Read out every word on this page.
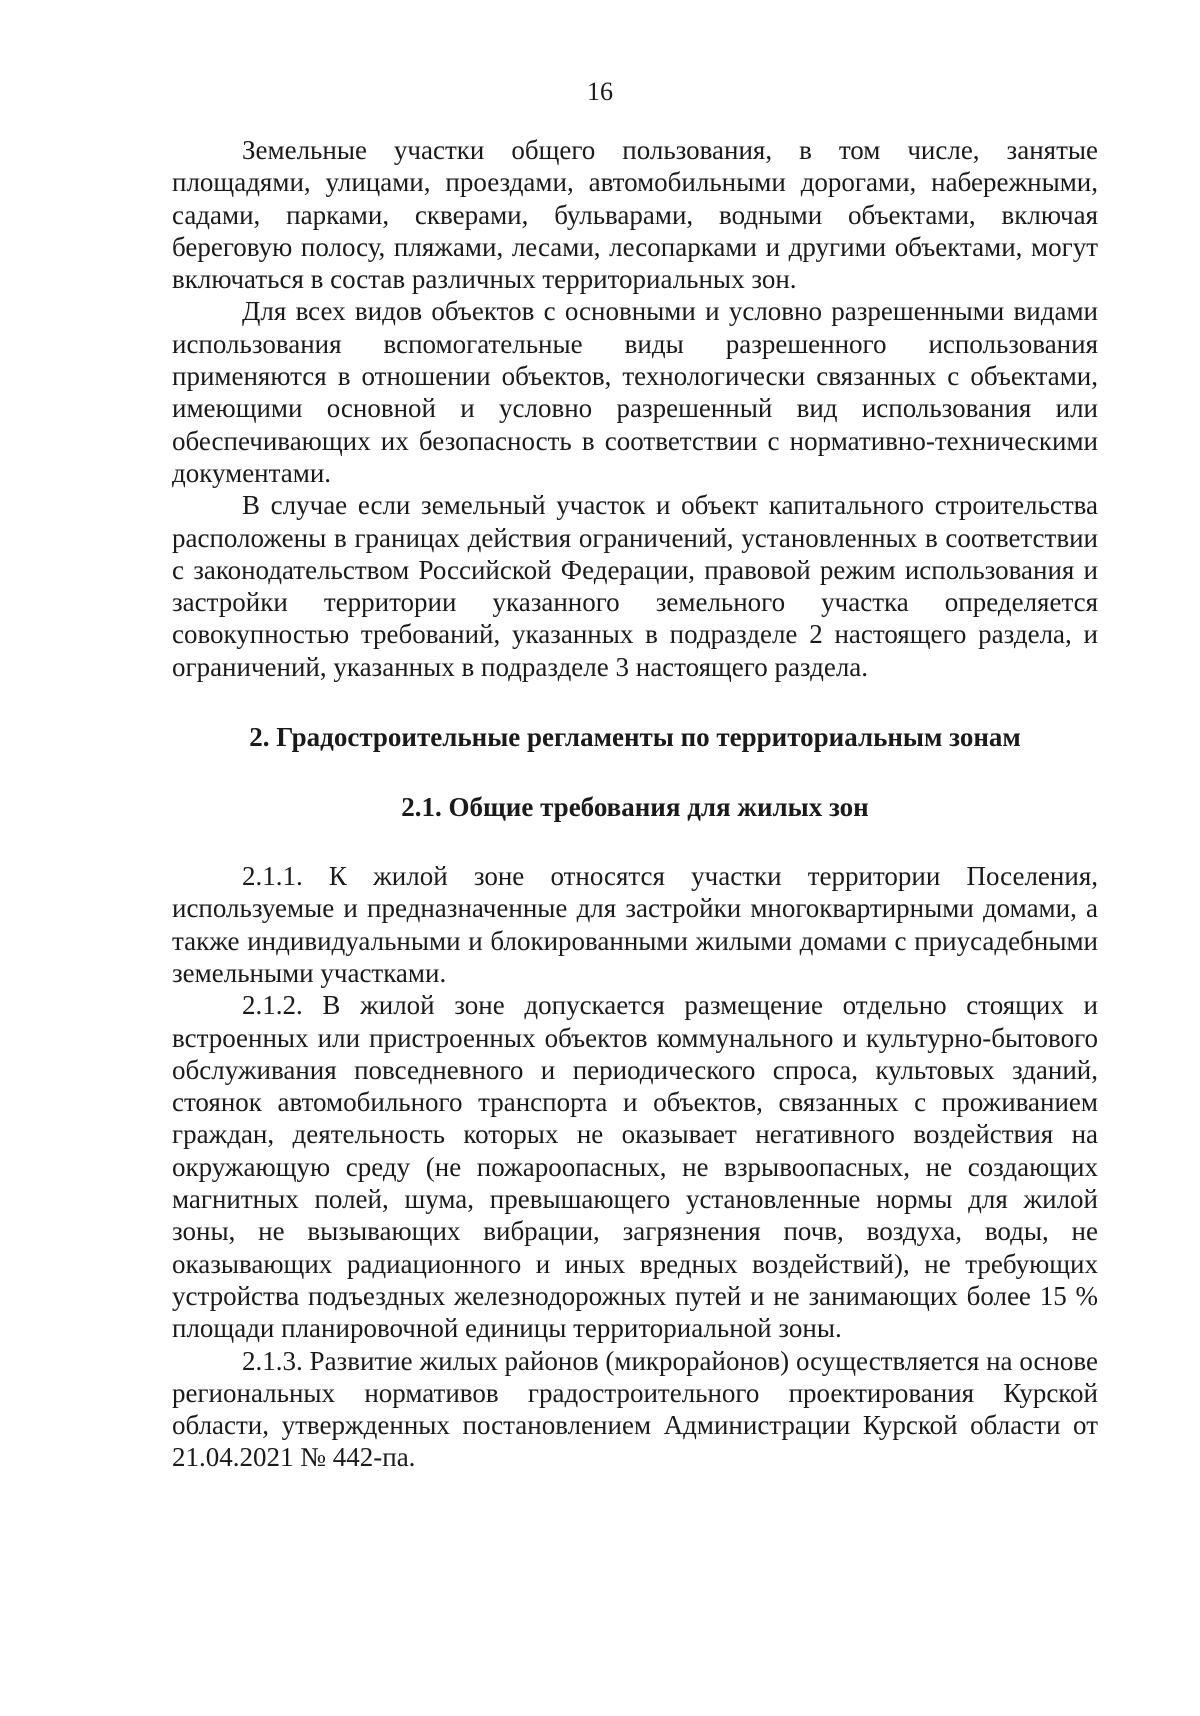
16

Земельные участки общего пользования, в том числе, занятые площадями, улицами, проездами, автомобильными дорогами, набережными, садами, парками, скверами, бульварами, водными объектами, включая береговую полосу, пляжами, лесами, лесопарками и другими объектами, могут включаться в состав различных территориальных зон.

Для всех видов объектов с основными и условно разрешенными видами использования вспомогательные виды разрешенного использования применяются в отношении объектов, технологически связанных с объектами, имеющими основной и условно разрешенный вид использования или обеспечивающих их безопасность в соответствии с нормативно-техническими документами.

В случае если земельный участок и объект капитального строительства расположены в границах действия ограничений, установленных в соответствии с законодательством Российской Федерации, правовой режим использования и застройки территории указанного земельного участка определяется совокупностью требований, указанных в подразделе 2 настоящего раздела, и ограничений, указанных в подразделе 3 настоящего раздела.

2. Градостроительные регламенты по территориальным зонам
2.1. Общие требования для жилых зон

2.1.1. К жилой зоне относятся участки территории Поселения, используемые и предназначенные для застройки многоквартирными домами, а также индивидуальными и блокированными жилыми домами с приусадебными земельными участками.

2.1.2. В жилой зоне допускается размещение отдельно стоящих и встроенных или пристроенных объектов коммунального и культурно-бытового обслуживания повседневного и периодического спроса, культовых зданий, стоянок автомобильного транспорта и объектов, связанных с проживанием граждан, деятельность которых не оказывает негативного воздействия на окружающую среду (не пожароопасных, не взрывоопасных, не создающих магнитных полей, шума, превышающего установленные нормы для жилой зоны, не вызывающих вибрации, загрязнения почв, воздуха, воды, не оказывающих радиационного и иных вредных воздействий), не требующих устройства подъездных железнодорожных путей и не занимающих более 15 % площади планировочной единицы территориальной зоны.

2.1.3. Развитие жилых районов (микрорайонов) осуществляется на основе региональных нормативов градостроительного проектирования Курской области, утвержденных постановлением Администрации Курской области от 21.04.2021 № 442-па.
